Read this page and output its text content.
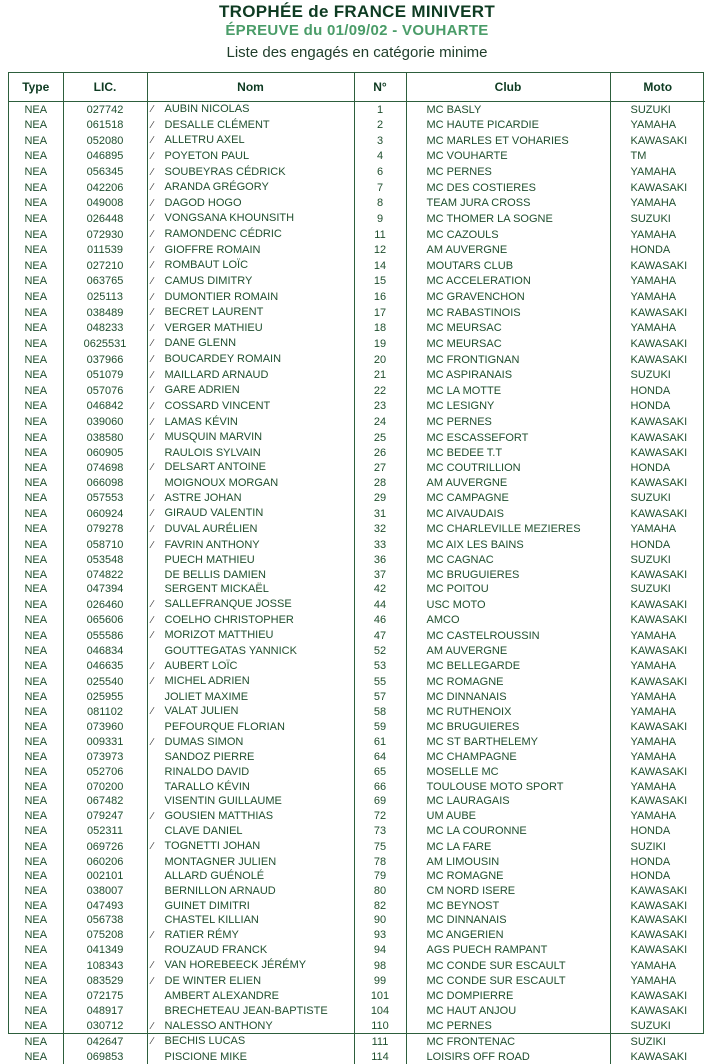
TROPHÉE de FRANCE MINIVERT
ÉPREUVE du 01/09/02 - VOUHARTE
Liste des engagés en catégorie minime
Type	LIC.	Nom	N°	Club	Moto
NEA	027742	∕ AUBIN NICOLAS	1	MC BASLY	SUZUKI
NEA	061518	∕ DESALLE CLÉMENT	2	MC HAUTE PICARDIE	YAMAHA
NEA	052080	∕ ALLETRU AXEL	3	MC MARLES ET VOHARIES	KAWASAKI
NEA	046895	∕ POYETON PAUL	4	MC VOUHARTE	TM
NEA	056345	∕ SOUBEYRAS CÉDRICK	6	MC PERNES	YAMAHA
NEA	042206	∕ ARANDA GRÉGORY	7	MC DES COSTIERES	KAWASAKI
NEA	049008	∕ DAGOD HOGO	8	TEAM JURA CROSS	YAMAHA
NEA	026448	∕ VONGSANA KHOUNSITH	9	MC THOMER LA SOGNE	SUZUKI
NEA	072930	∕ RAMONDENC CÉDRIC	11	MC CAZOULS	YAMAHA
NEA	011539	∕ GIOFFRE ROMAIN	12	AM AUVERGNE	HONDA
NEA	027210	∕ ROMBAUT LOÏC	14	MOUTARS CLUB	KAWASAKI
NEA	063765	∕ CAMUS DIMITRY	15	MC ACCELERATION	YAMAHA
NEA	025113	∕ DUMONTIER ROMAIN	16	MC GRAVENCHON	YAMAHA
NEA	038489	∕ BECRET LAURENT	17	MC RABASTINOIS	KAWASAKI
NEA	048233	∕ VERGER MATHIEU	18	MC MEURSAC	YAMAHA
NEA	0625531	∕ DANE GLENN	19	MC MEURSAC	KAWASAKI
NEA	037966	∕ BOUCARDEY ROMAIN	20	MC FRONTIGNAN	KAWASAKI
NEA	051079	∕ MAILLARD ARNAUD	21	MC ASPIRANAIS	SUZUKI
NEA	057076	∕ GARE ADRIEN	22	MC LA MOTTE	HONDA
NEA	046842	∕ COSSARD VINCENT	23	MC LESIGNY	HONDA
NEA	039060	∕ LAMAS KÉVIN	24	MC PERNES	KAWASAKI
NEA	038580	∕ MUSQUIN MARVIN	25	MC ESCASSEFORT	KAWASAKI
NEA	060905	RAULOIS SYLVAIN	26	MC BEDEE T.T	KAWASAKI
NEA	074698	∕ DELSART ANTOINE	27	MC COUTRILLION	HONDA
NEA	066098	MOIGNOUX MORGAN	28	AM AUVERGNE	KAWASAKI
NEA	057553	∕ ASTRE JOHAN	29	MC CAMPAGNE	SUZUKI
NEA	060924	∕ GIRAUD VALENTIN	31	MC AIVAUDAIS	KAWASAKI
NEA	079278	∕ DUVAL AURÉLIEN	32	MC CHARLEVILLE MEZIERES	YAMAHA
NEA	058710	∕ FAVRIN ANTHONY	33	MC AIX LES BAINS	HONDA
NEA	053548	PUECH MATHIEU	36	MC CAGNAC	SUZUKI
NEA	074822	DE BELLIS DAMIEN	37	MC BRUGUIERES	KAWASAKI
NEA	047394	SERGENT MICKAËL	42	MC POITOU	SUZUKI
NEA	026460	∕ SALLEFRANQUE JOSSE	44	USC MOTO	KAWASAKI
NEA	065606	∕ COELHO CHRISTOPHER	46	AMCO	KAWASAKI
NEA	055586	∕ MORIZOT MATTHIEU	47	MC CASTELROUSSIN	YAMAHA
NEA	046834	GOUTTEGATAS YANNICK	52	AM AUVERGNE	KAWASAKI
NEA	046635	∕ AUBERT LOÏC	53	MC BELLEGARDE	YAMAHA
NEA	025540	∕ MICHEL ADRIEN	55	MC ROMAGNE	KAWASAKI
NEA	025955	JOLIET MAXIME	57	MC DINNANAIS	YAMAHA
NEA	081102	∕ VALAT JULIEN	58	MC RUTHENOIX	YAMAHA
NEA	073960	PEFOURQUE FLORIAN	59	MC BRUGUIERES	KAWASAKI
NEA	009331	∕ DUMAS SIMON	61	MC ST BARTHELEMY	YAMAHA
NEA	073973	SANDOZ PIERRE	64	MC CHAMPAGNE	YAMAHA
NEA	052706	RINALDO DAVID	65	MOSELLE MC	KAWASAKI
NEA	070200	TARALLO KÉVIN	66	TOULOUSE MOTO SPORT	YAMAHA
NEA	067482	VISENTIN GUILLAUME	69	MC LAURAGAIS	KAWASAKI
NEA	079247	∕ GOUSIEN MATTHIAS	72	UM AUBE	YAMAHA
NEA	052311	CLAVE DANIEL	73	MC LA COURONNE	HONDA
NEA	069726	∕ TOGNETTI JOHAN	75	MC LA FARE	SUZIKI
NEA	060206	MONTAGNER JULIEN	78	AM LIMOUSIN	HONDA
NEA	002101	ALLARD GUÉNOLÉ	79	MC ROMAGNE	HONDA
NEA	038007	BERNILLON ARNAUD	80	CM NORD ISERE	KAWASAKI
NEA	047493	GUINET DIMITRI	82	MC BEYNOST	KAWASAKI
NEA	056738	CHASTEL KILLIAN	90	MC DINNANAIS	KAWASAKI
NEA	075208	∕ RATIER RÉMY	93	MC ANGERIEN	KAWASAKI
NEA	041349	ROUZAUD FRANCK	94	AGS PUECH RAMPANT	KAWASAKI
NEA	108343	∕ VAN HOREBEECK JÉRÉMY	98	MC CONDE SUR ESCAULT	YAMAHA
NEA	083529	∕ DE WINTER ELIEN	99	MC CONDE SUR ESCAULT	YAMAHA
NEA	072175	AMBERT ALEXANDRE	101	MC DOMPIERRE	KAWASAKI
NEA	048917	BRECHETEAU JEAN-BAPTISTE	104	MC HAUT ANJOU	KAWASAKI
NEA	030712	∕ NALESSO ANTHONY	110	MC PERNES	SUZUKI
NEA	042647	∕ BECHIS LUCAS	111	MC FRONTENAC	SUZIKI
NEA	069853	PISCIONE MIKE	114	LOISIRS OFF ROAD	KAWASAKI
